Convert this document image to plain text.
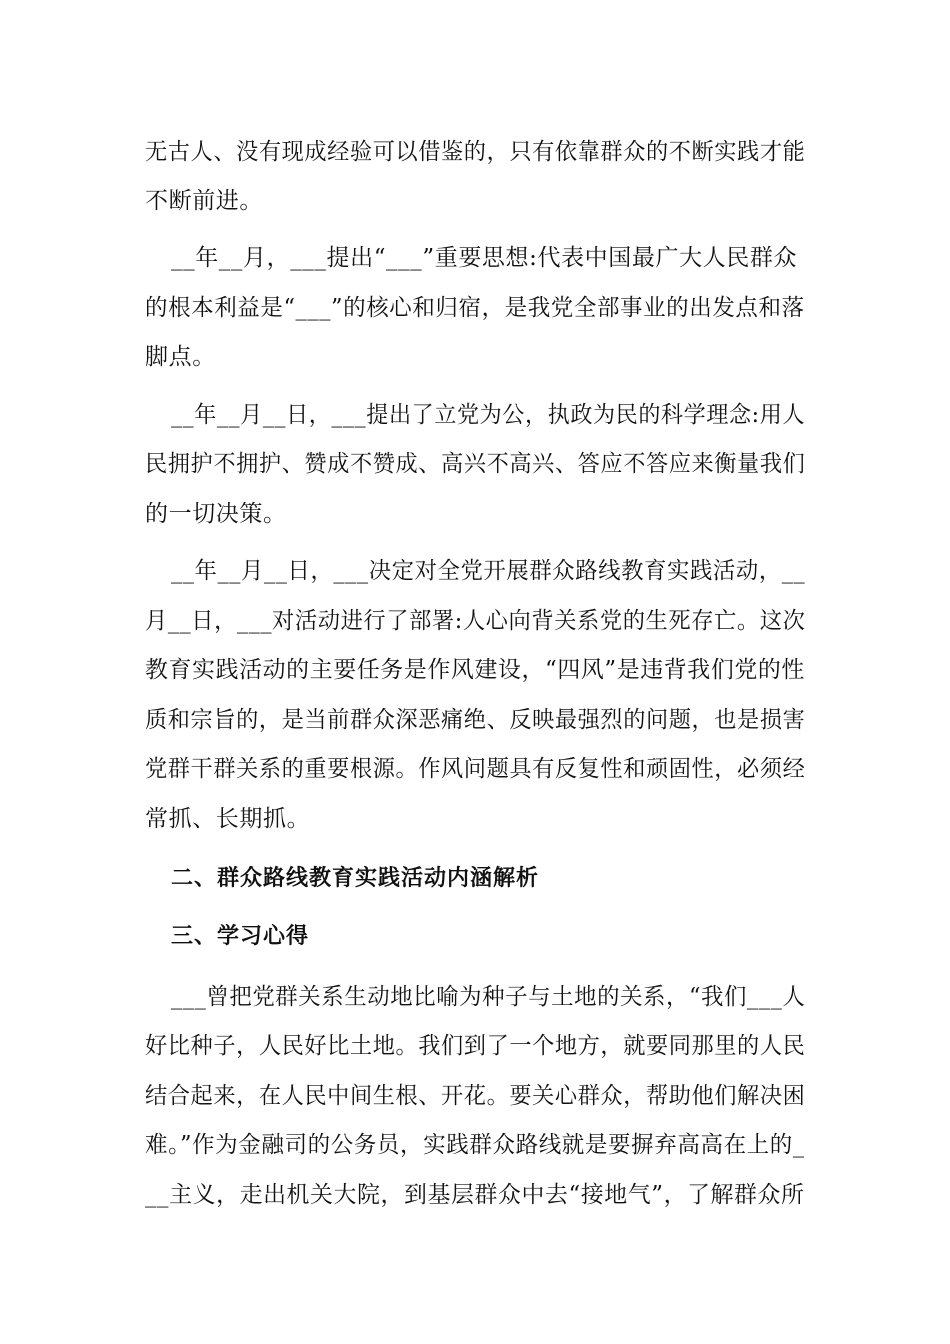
无古人、没有现成经验可以借鉴的，只有依靠群众的不断实践才能
不断前进。
__年__月，___提出“___”重要思想:代表中国最广大人民群众
的根本利益是“___”的核心和归宿，是我党全部事业的出发点和落
脚点。
__年__月__日，___提出了立党为公，执政为民的科学理念:用人
民拥护不拥护、赞成不赞成、高兴不高兴、答应不答应来衡量我们
的一切决策。
__年__月__日，___决定对全党开展群众路线教育实践活动，__
月__日，___对活动进行了部署:人心向背关系党的生死存亡。这次
教育实践活动的主要任务是作风建设，“四风”是违背我们党的性
质和宗旨的，是当前群众深恶痛绝、反映最强烈的问题，也是损害
党群干群关系的重要根源。作风问题具有反复性和顽固性，必须经
常抓、长期抓。
二、群众路线教育实践活动内涵解析
三、学习心得
___曾把党群关系生动地比喻为种子与土地的关系，“我们___人
好比种子，人民好比土地。我们到了一个地方，就要同那里的人民
结合起来，在人民中间生根、开花。要关心群众，帮助他们解决困
难。”作为金融司的公务员，实践群众路线就是要摒弃高高在上的_
__主义，走出机关大院，到基层群众中去“接地气”，了解群众所
